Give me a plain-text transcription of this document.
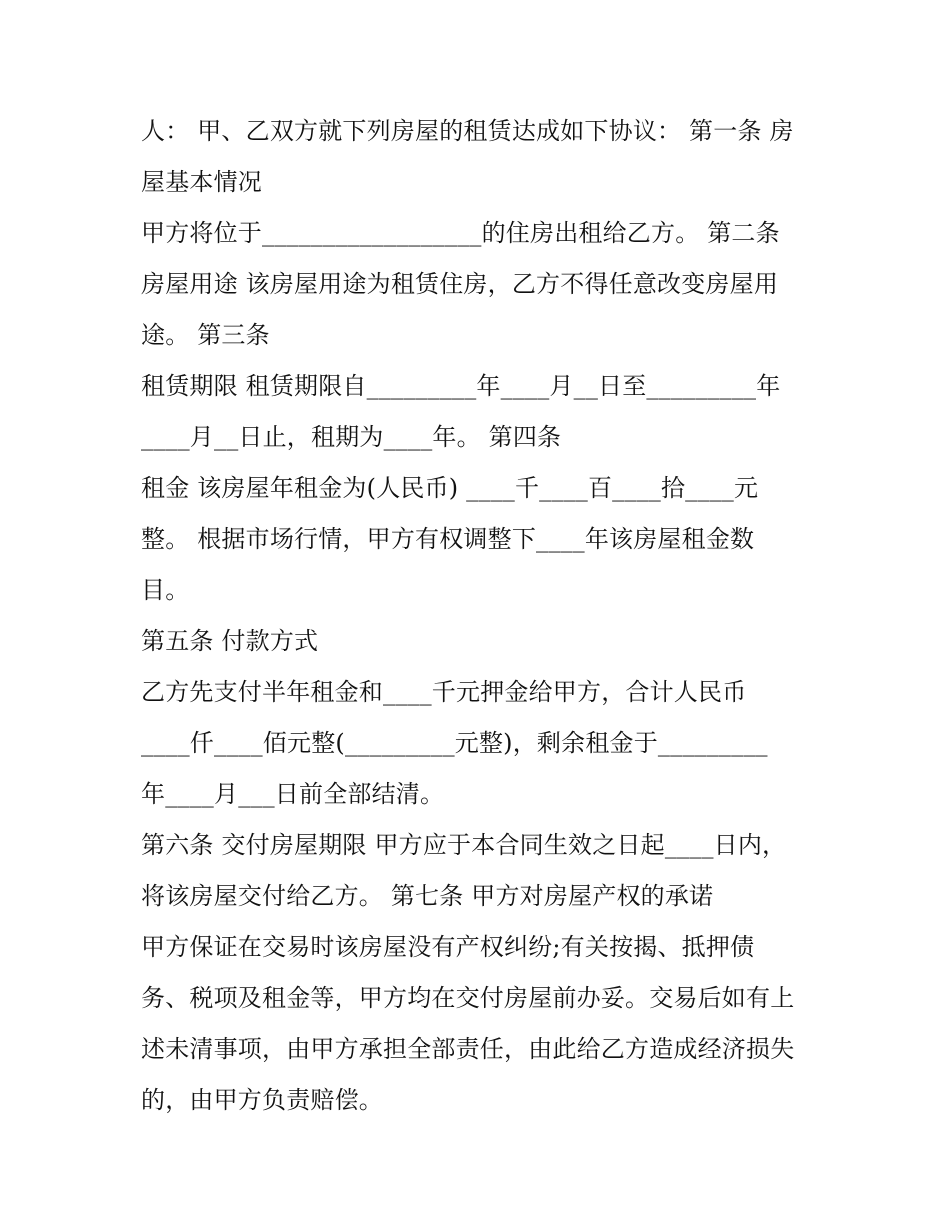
人： 甲、乙双方就下列房屋的租赁达成如下协议： 第一条 房
屋基本情况
甲方将位于__________________的住房出租给乙方。 第二条
房屋用途 该房屋用途为租赁住房，乙方不得任意改变房屋用
途。 第三条
租赁期限 租赁期限自_________年____月__日至_________年
____月__日止，租期为____年。 第四条
租金 该房屋年租金为(人民币) ____千____百____拾____元
整。 根据市场行情，甲方有权调整下____年该房屋租金数
目。
第五条 付款方式
乙方先支付半年租金和____千元押金给甲方，合计人民币
____仟____佰元整(_________元整)，剩余租金于_________
年____月___日前全部结清。
第六条 交付房屋期限 甲方应于本合同生效之日起____日内，
将该房屋交付给乙方。 第七条 甲方对房屋产权的承诺
甲方保证在交易时该房屋没有产权纠纷;有关按揭、抵押债
务、税项及租金等，甲方均在交付房屋前办妥。交易后如有上
述未清事项，由甲方承担全部责任，由此给乙方造成经济损失
的，由甲方负责赔偿。
